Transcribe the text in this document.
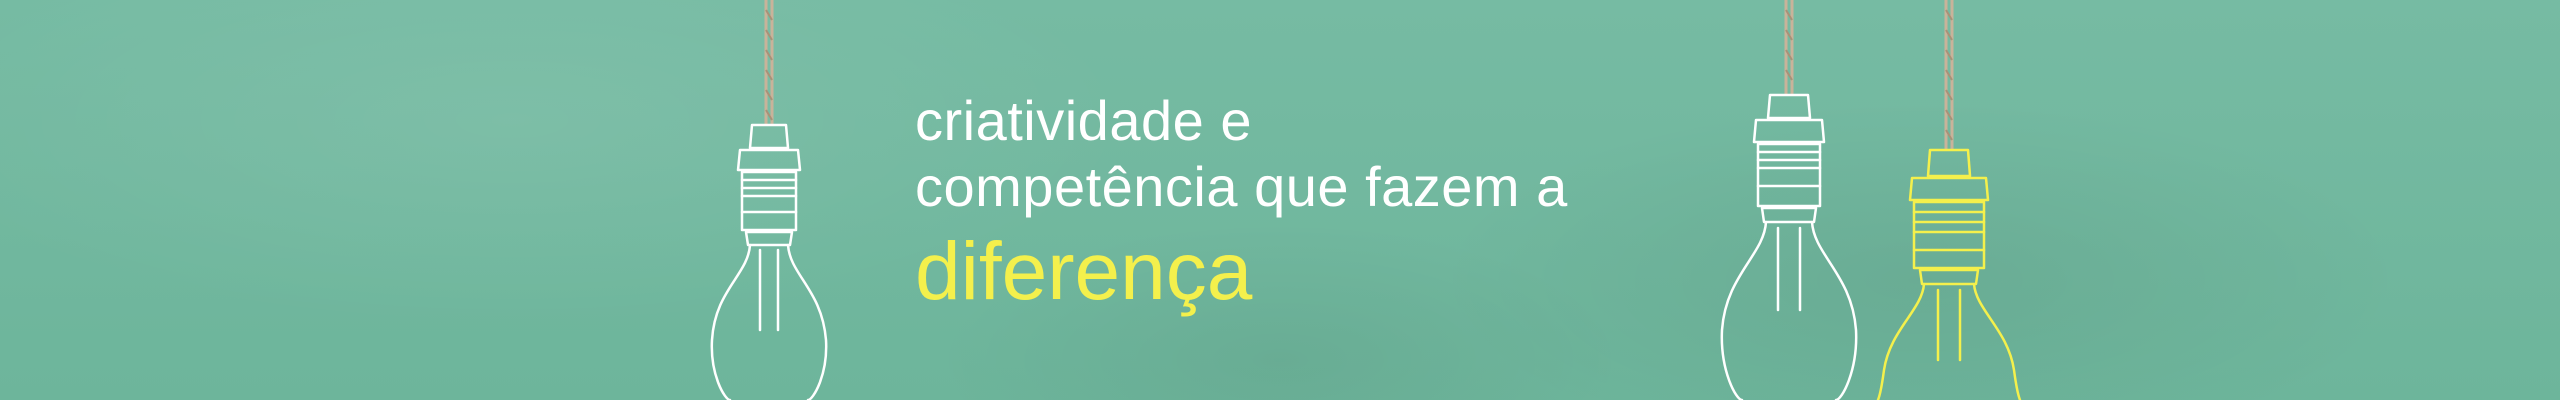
criatividade e
competência que fazem a
diferença
